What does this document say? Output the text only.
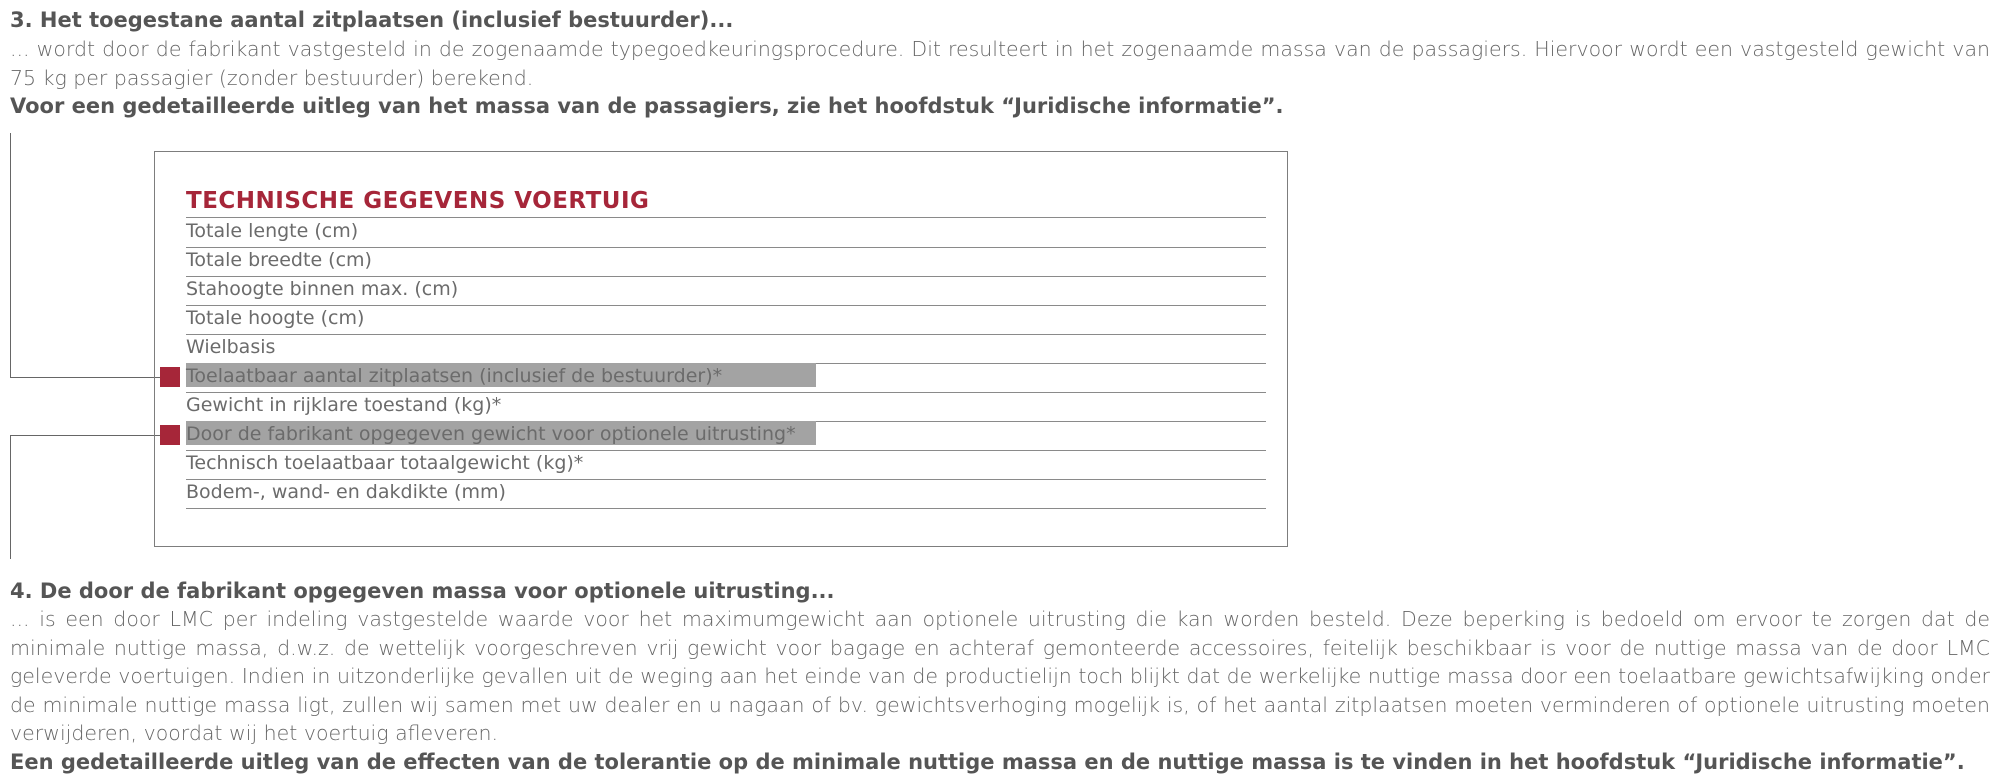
3. Het toegestane aantal zitplaatsen (inclusief bestuurder)...

... wordt door de fabrikant vastgesteld in de zogenaamde typegoedkeuringsprocedure. Dit resulteert in het zogenaamde massa van de passagiers. Hiervoor wordt een vastgesteld gewicht van 75 kg per passagier (zonder bestuurder) berekend.

Voor een gedetailleerde uitleg van het massa van de passagiers, zie het hoofdstuk “Juridische informatie”.

TECHNISCHE GEGEVENS VOERTUIG
Totale lengte (cm)
Totale breedte (cm)
Stahoogte binnen max. (cm)
Totale hoogte (cm)
Wielbasis
Toelaatbaar aantal zitplaatsen (inclusief de bestuurder)*
Gewicht in rijklare toestand (kg)*
Door de fabrikant opgegeven gewicht voor optionele uitrusting*
Technisch toelaatbaar totaalgewicht (kg)*
Bodem-, wand- en dakdikte (mm)

4. De door de fabrikant opgegeven massa voor optionele uitrusting...

... is een door LMC per indeling vastgestelde waarde voor het maximumgewicht aan optionele uitrusting die kan worden besteld. Deze beperking is bedoeld om ervoor te zorgen dat de minimale nuttige massa, d.w.z. de wettelijk voorgeschreven vrij gewicht voor bagage en achteraf gemonteerde accessoires, feitelijk beschikbaar is voor de nuttige massa van de door LMC geleverde voertuigen. Indien in uitzonderlijke gevallen uit de weging aan het einde van de productielijn toch blijkt dat de werkelijke nuttige massa door een toelaatbare gewichtsafwijking onder de minimale nuttige massa ligt, zullen wij samen met uw dealer en u nagaan of bv. gewichtsverhoging mogelijk is, of het aantal zitplaatsen moeten verminderen of optionele uitrusting moeten verwijderen, voordat wij het voertuig afleveren.

Een gedetailleerde uitleg van de effecten van de tolerantie op de minimale nuttige massa en de nuttige massa is te vinden in het hoofdstuk “Juridische informatie”.
